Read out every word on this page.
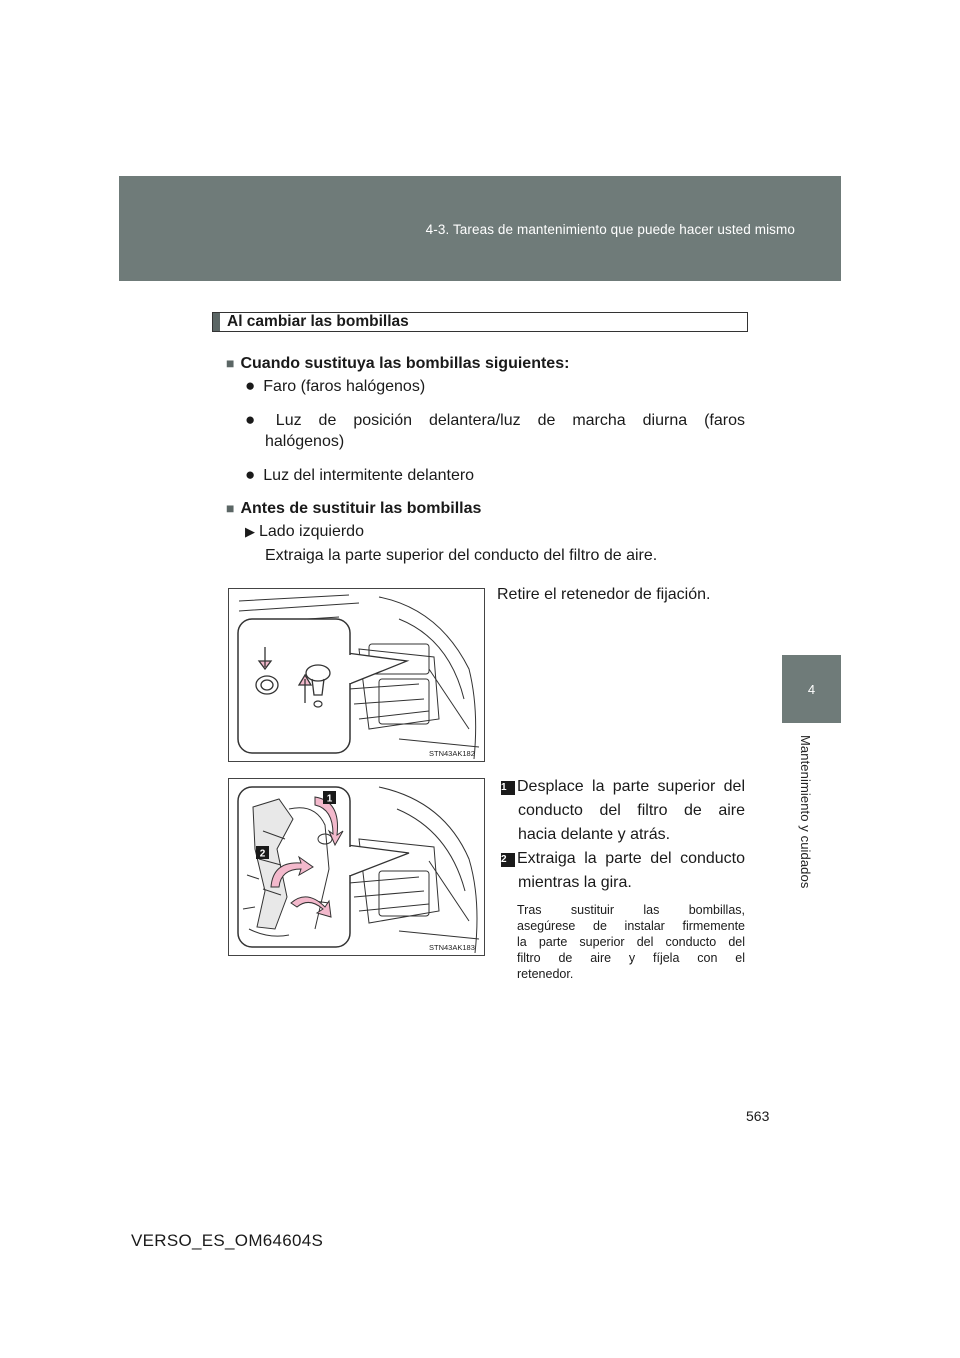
4-3. Tareas de mantenimiento que puede hacer usted mismo
4
Mantenimiento y cuidados
Al cambiar las bombillas
■ Cuando sustituya las bombillas siguientes:
● Faro (faros halógenos)
● Luz de posición delantera/luz de marcha diurna (faros
halógenos)
● Luz del intermitente delantero
■ Antes de sustituir las bombillas
▶ Lado izquierdo
Extraiga la parte superior del conducto del filtro de aire.
STN43AK182
Retire el retenedor de fijación.
1
2
STN43AK183
1 Desplace la parte superior del
conducto del filtro de aire
hacia delante y atrás.
2 Extraiga la parte del conducto
mientras la gira.
Tras sustituir las bombillas,
asegúrese de instalar firmemente
la parte superior del conducto del
filtro de aire y fíjela con el
retenedor.
563
VERSO_ES_OM64604S
